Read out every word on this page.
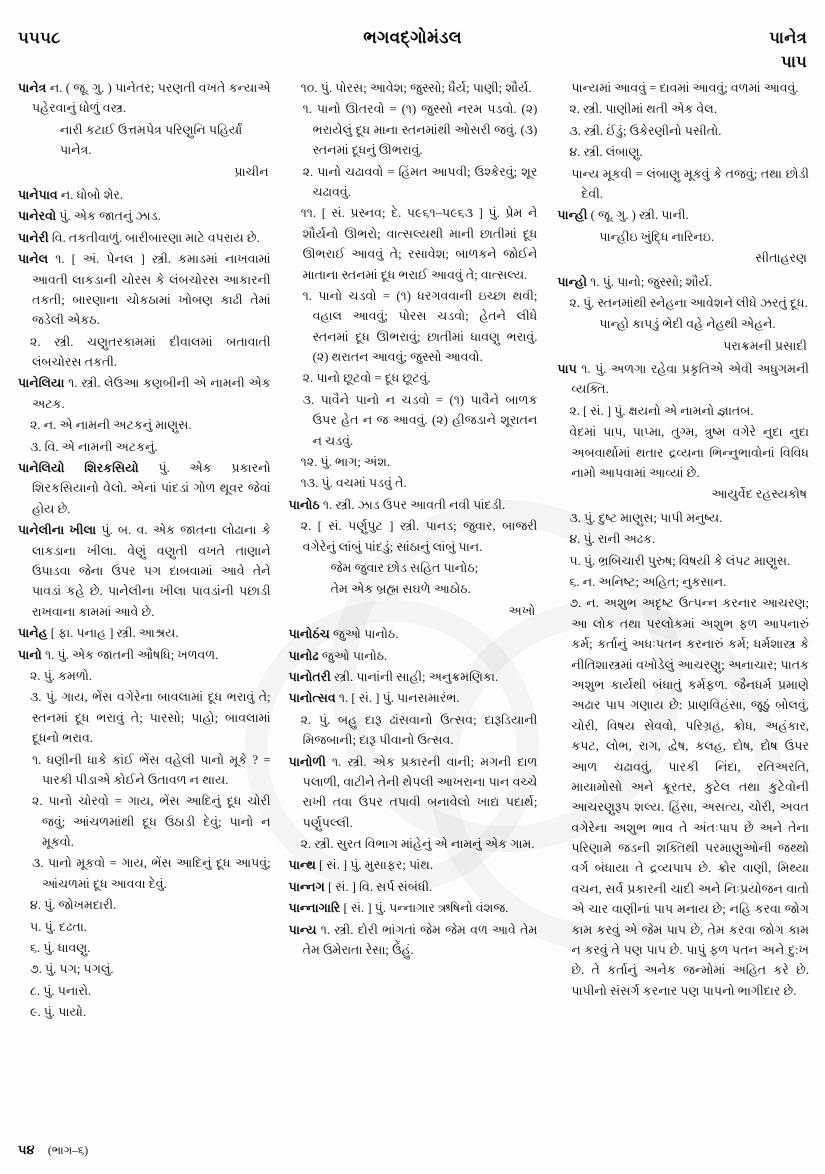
૫૫૫૮	ભગવદ્ગોમંડલ	પાનેત્ર
પાપ
પાનેત્ર ન. ( જૂ. ગુ. ) પાનેતર; પરણતી વખતે કન્યાએ પહેરવાનું ધોળું વસ્ત્ર.
નારી કટાઈ ઉત્તમપેત્ર પરિણુનિ પહિર્યાં પાનેત્ર.
પ્રાચીન
પાનેપાવ ન. ધોબો શેર.
પાનેરવો પું. એક જાતનું ઝાડ.
પાનેરી વિ. તકતીવાળું. બારીબારણા માટે વપરાય છે.
પાનેલ ૧. [ અં. પેનલ ] સ્ત્રી. કમાડમાં નાખવામાં આવતી લાકડાની ચોરસ કે લંબચોરસ આકારની તકતી; બારણાના ચોકઠામાં ખોબણ કાઢી તેમાં જડેલી એકઠ.
૨. સ્ત્રી. ચણુતરકામમાં દીવાલમાં બતાવાતી લંબચોરસ તકતી.
પાનેલિયા ૧. સ્ત્રી. લેઉઆ કણબીની એ નામની એક અટક.
૨. ન. એ નામની અટકનું માણુસ.
૩. વિ. એ નામની અટકનું.
પાનેલિયો શિરકસિયો પું. એક પ્રકારનો શિરકસિયાનો વેલો. એનાં પાંદડાં ગોળ થૂવર જેવાં હોય છે.
પાનેલીના ખીલા પું. બ. વ. એક જાતના લોઢાના કે લાકડાના ખીલા. વેણું વણુતી વખતે તાણાને ઉપાડવા જેના ઉપર પગ દાબવામાં આવે તેને પાવડાં કહે છે. પાનેલીના ખીલા પાવડાંની પછાડી રાખવાના કામમાં આવે છે.
પાનેહ [ ફા. પનાહ ] સ્ત્રી. આશ્રય.
પાનો ૧. પું. એક જાતની ઔષધિ; ખળવળ.
૨. પું. કમળો.
૩. પું. ગાય, ભેંસ વગેરેના બાવલામાં દૂધ ભરાવું તે; સ્તનમાં દૂધ ભરાવું તે; પારસો; પાહો; બાવલામાં દૂધનો ભરાવ.
૧. ધણીની ધાકે કાંઈ ભેંસ વહેલી પાનો મૂકે ? = પારકી પીડાએ કોઈને ઉતાવળ ન થાય.
૨. પાનો ચોરવો = ગાય, ભેંસ આદિનું દૂધ ચોરી જવું; આંચળમાંથી દૂધ ઉઠાડી દેવું; પાનો ન મૂકવો.
૩. પાનો મૂકવો = ગાય, ભેંસ આદિનું દૂધ આપવું; આંચળમાં દૂધ આવવા દેવું.
૪. પું. જોખમદારી.
૫. પું. દઢતા.
૬. પું. ધાવણુ.
૭. પું. પગ; પગલું.
૮. પું. પનારો.
૯. પું. પાયો.
૧૦. પું. પોરસ; આવેશ; જુસ્સો; ધૈર્ય; પાણી; શૌર્ય.
૧. પાનો ઊતરવો = (૧) જુસ્સો નરમ પડવો. (૨) ભરાયેલું દૂધ માના સ્તનમાંથી ઓસરી જવું. (૩) સ્તનમાં દૂધનું ઊભરાવું.
૨. પાનો ચઢાવવો = હિંમત આપવી; ઉશ્કેરવું; શૂર ચઢાવવું.
૧૧. [ સં. પ્રસ્નવ; દે. પ૯૬૧–પ૯૬૩ ] પું. પ્રેમ ને શૌર્યનો ઊભરો; વાત્સલ્યથી માની છાતીમાં દૂધ ઊભરાઈ આવવું તે; રસાવેશ; બાળકને જોઈને માતાના સ્તનમાં દૂધ ભરાઈ આવવું તે; વાત્સલ્ય.
૧. પાનો ચડવો = (૧) ધરગવવાની ઇચ્છા થવી; વહાલ આવવું; પોરસ ચડવો; હેતને લીધે સ્તનમાં દૂધ ઊભરાવું; છાતીમાં ધાવણુ ભરાવું. (૨) થરાતન આવવું; જુસ્સો આવવો.
૨. પાનો છૂટવો = દૂધ છૂટવું.
૩. પાવૈને પાનો ન ચડવો = (૧) પાવૈને બાળક ઉપર હેત ન જ આવવું. (૨) હીજડાને શૂરાતન ન ચડવું.
૧૨. પું. ભાગ; અંશ.
૧૩. પું. વચમાં પડવું તે.
પાનોઠ ૧. સ્ત્રી. ઝાડ ઉપર આવતી નવી પાંદડી.
૨. [ સં. પર્ણુપુટ ] સ્ત્રી. પાનડ; જુવાર, બાજરી વગેરેનું લાંબું પાંદડું; સાંઠાનું લાંબું પાન.
જેમ જુવાર છોડ સહિત પાનોઠ;
તેમ એક બ્રહ્મ સઘળે આઠોઠ.
અખો
પાનોઠંચ જુઓ પાનોઠ.
પાનોઢ જુઓ પાનોઠ.
પાનોતરી સ્ત્રી. પાનાંની સાહી; અનુક્રમણિકા.
પાનોત્સવ ૧. [ સં. ] પું. પાનસમારંભ.
૨. પું. બહુ દારૂ ઢાંસવાનો ઉત્સવ; દારૂડિયાની મિજબાની; દારૂ પીવાનો ઉત્સવ.
પાનોળી ૧. સ્ત્રી. એક પ્રકારની વાની; મગની દાળ પલાળી, વાટીને તેની થેપલી આખરાના પાન વચ્ચે રાખી તવા ઉપર તપાવી બનાવેલો ખાદ્ય પદાર્થ; પર્ણુપલ્લી.
૨. સ્ત્રી. સુરત વિભાગ માંહેનું એ નામનું એક ગામ.
પાન્થ [ સં. ] પું. મુસાફર; પાંથ.
પાન્નગ [ સં. ] વિ. સર્પ સંબંધી.
પાન્નાગારિ [ સં. ] પું. પન્નાગાર ઋષિનો વંશજ.
પાન્ય ૧. સ્ત્રી. દોરી ભાંગતાં જેમ જેમ વળ આવે તેમ તેમ ઉમેરાતા રેસા; ઉેંહું.
પાન્યમાં આવવું = દાવમાં આવવું; વળમાં આવવું.
૨. સ્ત્રી. પાણીમાં થતી એક વેલ.
૩. સ્ત્રી. ઈંડું; ઉકેરણીનો પસીતો.
૪. સ્ત્રી. લંબાણુ.
પાન્ય મૂકવી = લંબાણુ મૂકવું કે તજવું; તથા છોડી દેવી.
પાન્હી ( જૂ. ગુ. ) સ્ત્રી. પાની.
પાન્હીઇ ખુંદ્ધિ નારિનઇ.
સીતાહરણ
પાન્હો ૧. પું. પાનો; જુસ્સો; શૌર્ય.
૨. પું. સ્તનમાંથી સ્નેહના આવેશને લીધે ઝરતું દૂધ.
પાન્હો કાપડું ભેદી વહે નેહથી એહને.
પરાક્રમની પ્રસાદી
પાપ ૧. પું. અળગા રહેવા પ્રકૃતિએ એવી અધુગમની વ્યક્તિ.
૨. [ સં. ] પું. ક્ષયનો એ નામનો જ્ઞાતબ.
વેદમાં પાપ, પાપ્મા, તુગ્મ, ત્રુષ્મ વગેરે નુદા નુદા અબવાર્થામાં થતાર દ્રવ્યના ભિન્નુભાવોનાં વિવિધ નામો આપવામાં આવ્યાં છે.
આયુર્વેદ રહસ્યકોષ
૩. પું. દુષ્ટ માણુસ; પાપી મનુષ્ય.
૪. પું. રાની અઢક.
૫. પું. ભ્રબિચારી પુરુષ; વિષયી કે લંપટ માણુસ.
૬. ન. અનિષ્ટ; અહિત; નુકસાન.
૭. ન. અશુભ અદૃષ્ટ ઉત્પન્ન કરનાર આચરણ; આ લોક તથા પરલોકમાં અશુભ ફળ આપનારું કર્મ; કર્તાનું અધઃપતન કરનારું કર્મ; ધર્મશાસ્ત્ર કે નીતિશાસ્ત્રમાં વખોડેલું આચરણુ; અનાચાર; પાતક અશુભ કાર્યથી બંધાતું કર્મફળ. જૈનધર્મ પ્રમાણે અઢાર પાપ ગણાય છે: પ્રાણવિહંસા, જૂઠું બોલવું, ચોરી, વિષય સેવવો, પરિગ્રહ, ક્રોધ, અહંકાર, કપટ, લોભ, રાગ, દ્વેષ, કલહ, દોષ, દોષ ઉપર આળ ચઢાવવું, પારકી નિંદા, રતિઅરતિ, માયામોસો અને ક્રૂરતર, કુટેલ તથા કુટેવોની આચરણુરૂપ શલ્ય. હિંસા, અસત્ય, ચોરી, અવત વગેરેના અશુભ ભાવ તે અંતઃપાપ છે અને તેના પરિણામે જડની શક્તિથી પરમાણુઓની જથ્થો વર્ગ બંધાયા તે દ્રવ્યપાપ છે. ક્રોર વાણી, મિથ્યા વચન, સર્વ પ્રકારની ચાદી અને નિઃપ્રયોજન વાતો એ ચાર વાણીનાં પાપ મનાય છે; નહિ કરવા જોગ કામ કરવું એ જેમ પાપ છે, તેમ કરવા જોગ કામ ન કરવું તે પણ પાપ છે. પાપું ફળ પતન અને દુ:ખ છે. તે કર્તાનું અનેક જન્મોમાં અહિત કરે છે. પાપીનો સંસર્ગ કરનાર પણ પાપનો ભાગીદાર છે.
૫૪ (ભાગ–૬)
